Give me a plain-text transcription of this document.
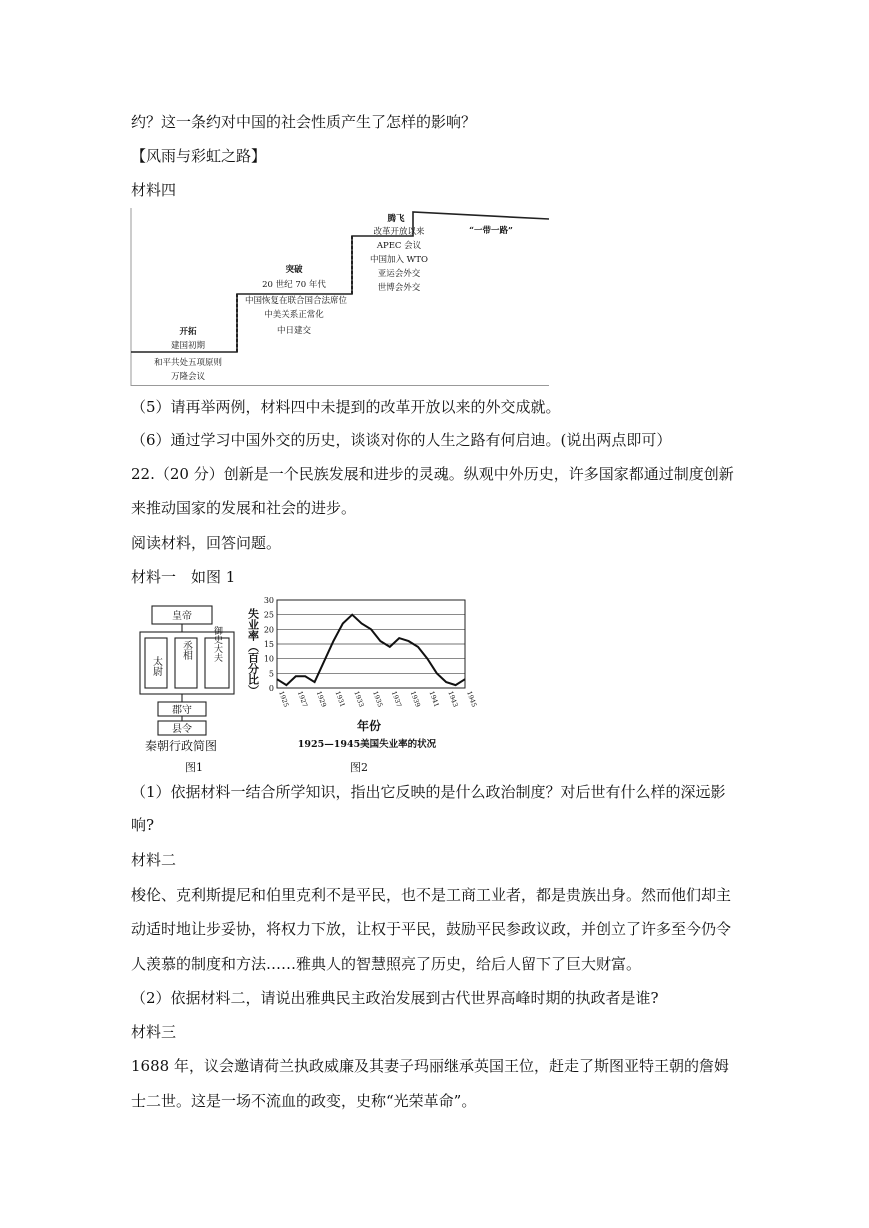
约？这一条约对中国的社会性质产生了怎样的影响？
【风雨与彩虹之路】
材料四
开拓
建国初期
和平共处五项原则
万隆会议
突破
20 世纪 70 年代
中国恢复在联合国合法席位
中美关系正常化
中日建交
腾飞
改革开放以来
APEC 会议
中国加入 WTO
亚运会外交
世博会外交
“一带一路”
（5）请再举两例，材料四中未提到的改革开放以来的外交成就。
（6）通过学习中国外交的历史，谈谈对你的人生之路有何启迪。(说出两点即可）
22.（20 分）创新是一个民族发展和进步的灵魂。纵观中外历史，许多国家都通过制度创新
来推动国家的发展和社会的进步。
阅读材料，回答问题。
材料一　如图 1
皇帝
太尉
丞相 御史大夫
郡守
县令
秦朝行政简图
图1
失业率（百分比） 0
5
10
15
20
25
30
1925 1927 1929 1931 1933 1935 1937 1939 1941 1943 1945
年份
1925—1945美国失业率的状况
图2
（1）依据材料一结合所学知识，指出它反映的是什么政治制度？对后世有什么样的深远影
响?
材料二
梭伦、克利斯提尼和伯里克利不是平民，也不是工商工业者，都是贵族出身。然而他们却主
动适时地让步妥协，将权力下放，让权于平民，鼓励平民参政议政，并创立了许多至今仍令
人羡慕的制度和方法……雅典人的智慧照亮了历史，给后人留下了巨大财富。
（2）依据材料二，请说出雅典民主政治发展到古代世界高峰时期的执政者是谁?
材料三
1688 年，议会邀请荷兰执政威廉及其妻子玛丽继承英国王位，赶走了斯图亚特王朝的詹姆
士二世。这是一场不流血的政变，史称“光荣革命”。
